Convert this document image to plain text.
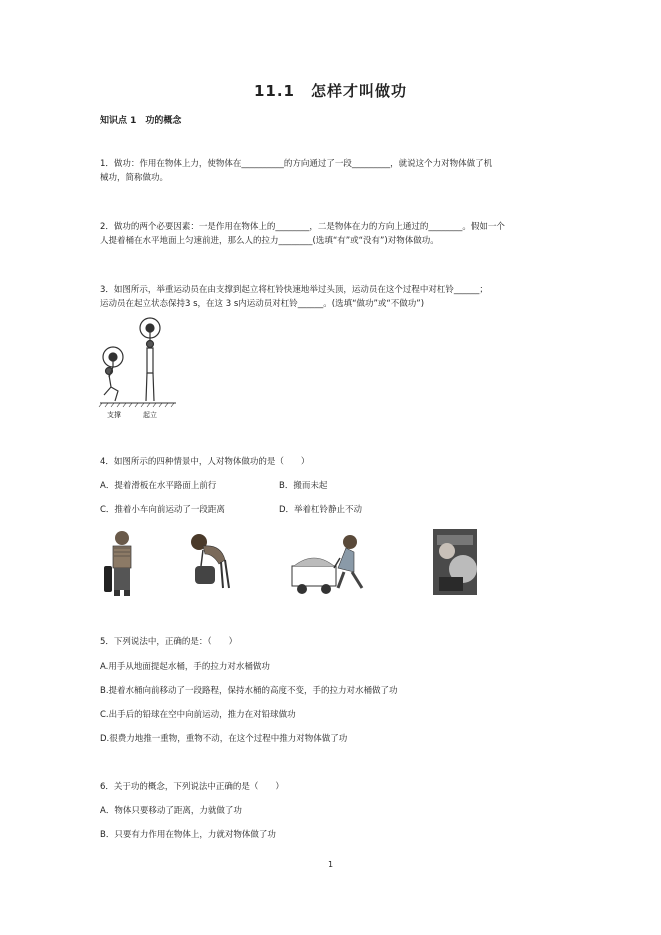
11.1　怎样才叫做功
知识点 1　功的概念
1．做功：作用在物体上力，使物体在__________的方向通过了一段_________，就说这个力对物体做了机
械功，简称做功。
2．做功的两个必要因素：一是作用在物体上的________，二是物体在力的方向上通过的________。假如一个
人提着桶在水平地面上匀速前进，那么人的拉力________(选填“有”或“没有”)对物体做功。
3．如图所示，举重运动员在由支撑到起立将杠铃快速地举过头顶，运动员在这个过程中对杠铃______；
运动员在起立状态保持3 s，在这 3 s内运动员对杠铃______。(选填“做功”或“不做功”)
支撑	起立
4．如图所示的四种情景中，人对物体做功的是（　　）
A．提着滑板在水平路面上前行	B．搬而未起
C．推着小车向前运动了一段距离	D．举着杠铃静止不动
5．下列说法中，正确的是：（　　）
A.用手从地面提起水桶，手的拉力对水桶做功
B.提着水桶向前移动了一段路程，保持水桶的高度不变，手的拉力对水桶做了功
C.出手后的铅球在空中向前运动，推力在对铅球做功
D.很费力地推一重物，重物不动，在这个过程中推力对物体做了功
6．关于功的概念，下列说法中正确的是（　　）
A．物体只要移动了距离，力就做了功
B．只要有力作用在物体上，力就对物体做了功
1
